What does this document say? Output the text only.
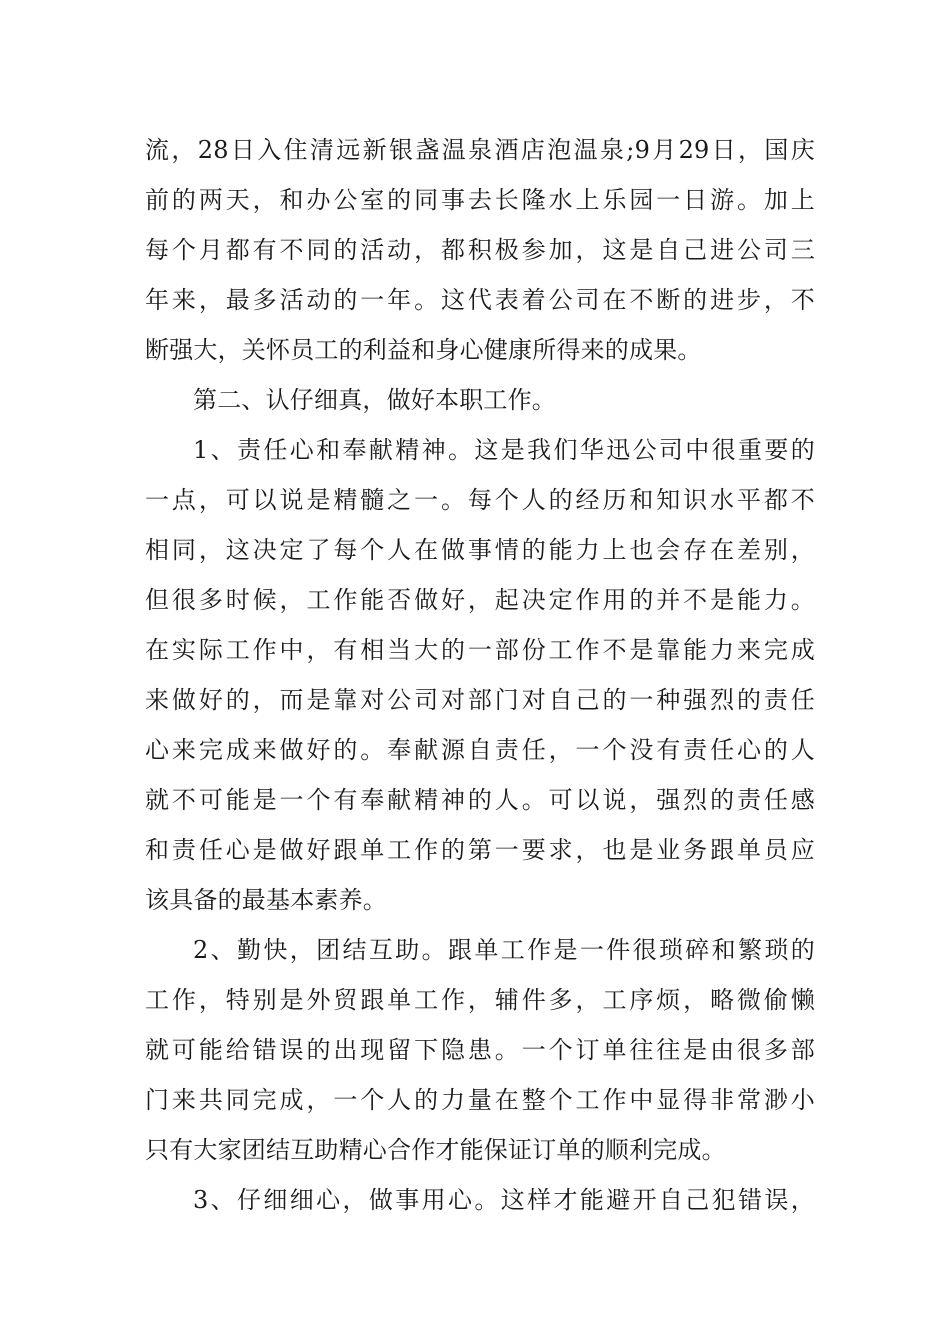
流，28日入住清远新银盏温泉酒店泡温泉;9月29日，国庆
前的两天，和办公室的同事去长隆水上乐园一日游。加上
每个月都有不同的活动，都积极参加，这是自己进公司三
年来，最多活动的一年。这代表着公司在不断的进步，不
断强大，关怀员工的利益和身心健康所得来的成果。
第二、认仔细真，做好本职工作。
1、责任心和奉献精神。这是我们华迅公司中很重要的
一点，可以说是精髓之一。每个人的经历和知识水平都不
相同，这决定了每个人在做事情的能力上也会存在差别，
但很多时候，工作能否做好，起决定作用的并不是能力。
在实际工作中，有相当大的一部份工作不是靠能力来完成
来做好的，而是靠对公司对部门对自己的一种强烈的责任
心来完成来做好的。奉献源自责任，一个没有责任心的人
就不可能是一个有奉献精神的人。可以说，强烈的责任感
和责任心是做好跟单工作的第一要求，也是业务跟单员应
该具备的最基本素养。
2、勤快，团结互助。跟单工作是一件很琐碎和繁琐的
工作，特别是外贸跟单工作，辅件多，工序烦，略微偷懒
就可能给错误的出现留下隐患。一个订单往往是由很多部
门来共同完成，一个人的力量在整个工作中显得非常渺小
只有大家团结互助精心合作才能保证订单的顺利完成。
3、仔细细心，做事用心。这样才能避开自己犯错误，
